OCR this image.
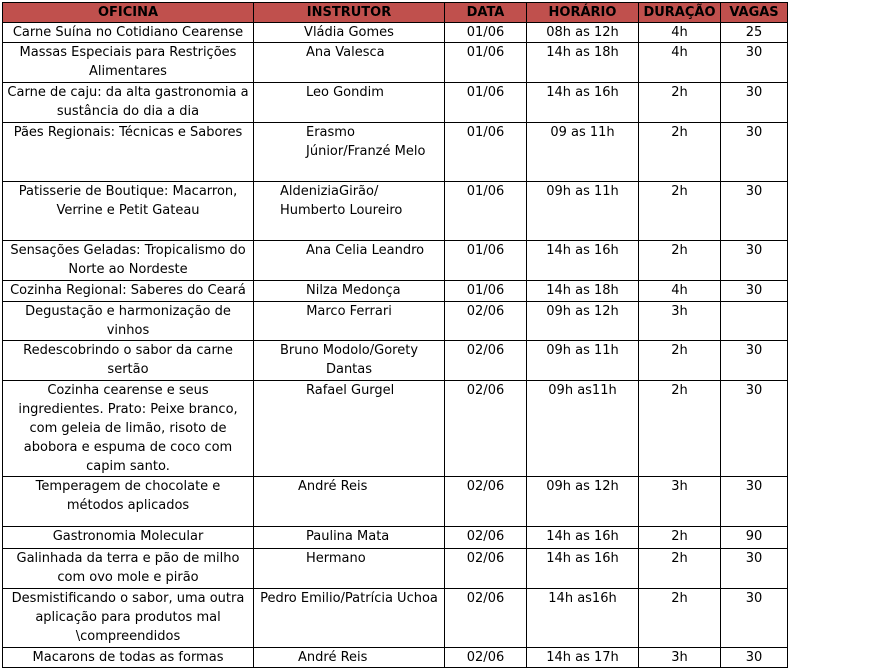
OFICINA	INSTRUTOR	DATA	HORÁRIO	DURAÇÃO	VAGAS
Carne Suína no Cotidiano Cearense	Vládia Gomes	01/06	08h as 12h	4h	25
Massas Especiais para Restrições Alimentares	Ana Valesca	01/06	14h as 18h	4h	30
Carne de caju: da alta gastronomia a sustância do dia a dia	Leo Gondim	01/06	14h as 16h	2h	30
Pães Regionais: Técnicas e Sabores	Erasmo Júnior/Franzé Melo	01/06	09 as 11h	2h	30
Patisserie de Boutique: Macarron, Verrine e Petit Gateau	AldeniziaGirão/ Humberto Loureiro	01/06	09h as 11h	2h	30
Sensações Geladas: Tropicalismo do Norte ao Nordeste	Ana Celia Leandro	01/06	14h as 16h	2h	30
Cozinha Regional: Saberes do Ceará	Nilza Medonça	01/06	14h as 18h	4h	30
Degustação e harmonização de vinhos	Marco Ferrari	02/06	09h as 12h	3h	
Redescobrindo o sabor da carne sertão	Bruno Modolo/Gorety Dantas	02/06	09h as 11h	2h	30
Cozinha cearense e seus ingredientes. Prato: Peixe branco, com geleia de limão, risoto de abobora e espuma de coco com capim santo.	Rafael Gurgel	02/06	09h as11h	2h	30
Temperagem de chocolate e métodos aplicados	André Reis	02/06	09h as 12h	3h	30
Gastronomia Molecular	Paulina Mata	02/06	14h as 16h	2h	90
Galinhada da terra e pão de milho com ovo mole e pirão	Hermano	02/06	14h as 16h	2h	30
Desmistificando o sabor, uma outra aplicação para produtos mal \compreendidos	Pedro Emilio/Patrícia Uchoa	02/06	14h as16h	2h	30
Macarons de todas as formas	André Reis	02/06	14h as 17h	3h	30
